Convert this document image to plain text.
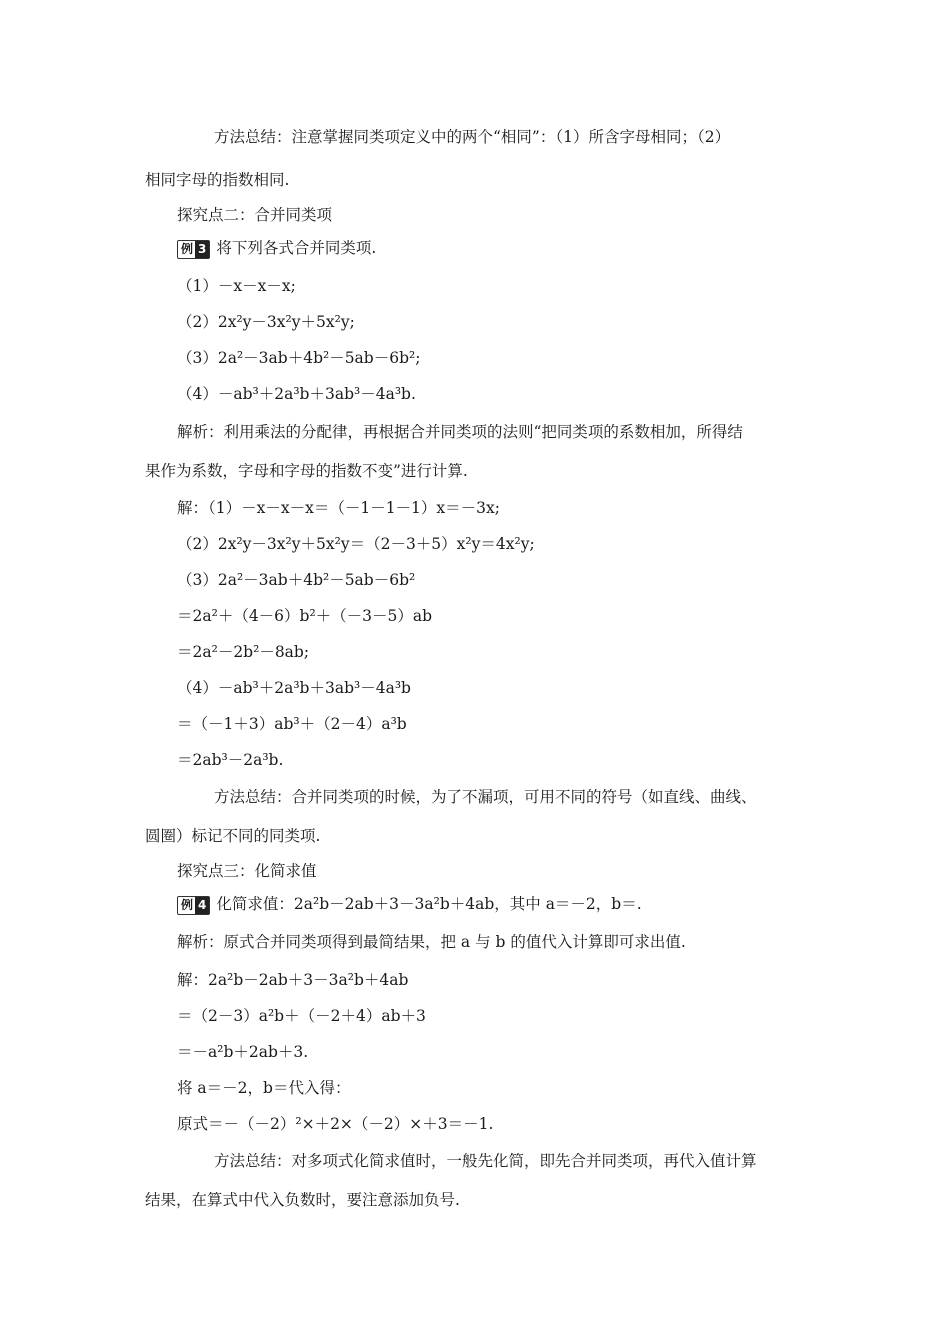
方法总结：注意掌握同类项定义中的两个“相同”：（1）所含字母相同；（2）
相同字母的指数相同.
探究点二：合并同类项
例 3 将下列各式合并同类项.
（1）－x－x－x;
（2）2x²y－3x²y＋5x²y;
（3）2a²－3ab＋4b²－5ab－6b²;
（4）－ab³＋2a³b＋3ab³－4a³b.
解析：利用乘法的分配律，再根据合并同类项的法则“把同类项的系数相加，所得结
果作为系数，字母和字母的指数不变”进行计算.
解：（1）－x－x－x＝（－1－1－1）x＝－3x;
（2）2x²y－3x²y＋5x²y＝（2－3＋5）x²y＝4x²y;
（3）2a²－3ab＋4b²－5ab－6b²
＝2a²＋（4－6）b²＋（－3－5）ab
＝2a²－2b²－8ab;
（4）－ab³＋2a³b＋3ab³－4a³b
＝（－1＋3）ab³＋（2－4）a³b
＝2ab³－2a³b.
方法总结：合并同类项的时候，为了不漏项，可用不同的符号（如直线、曲线、
圆圈）标记不同的同类项.
探究点三：化简求值
例 4 化简求值：2a²b－2ab＋3－3a²b＋4ab，其中 a＝－2，b＝.
解析：原式合并同类项得到最简结果，把 a 与 b 的值代入计算即可求出值.
解：2a²b－2ab＋3－3a²b＋4ab
＝（2－3）a²b＋（－2＋4）ab＋3
＝－a²b＋2ab＋3.
将 a＝－2，b＝代入得：
原式＝－（－2）²×＋2×（－2）×＋3＝－1.
方法总结：对多项式化简求值时，一般先化简，即先合并同类项，再代入值计算
结果，在算式中代入负数时，要注意添加负号.
